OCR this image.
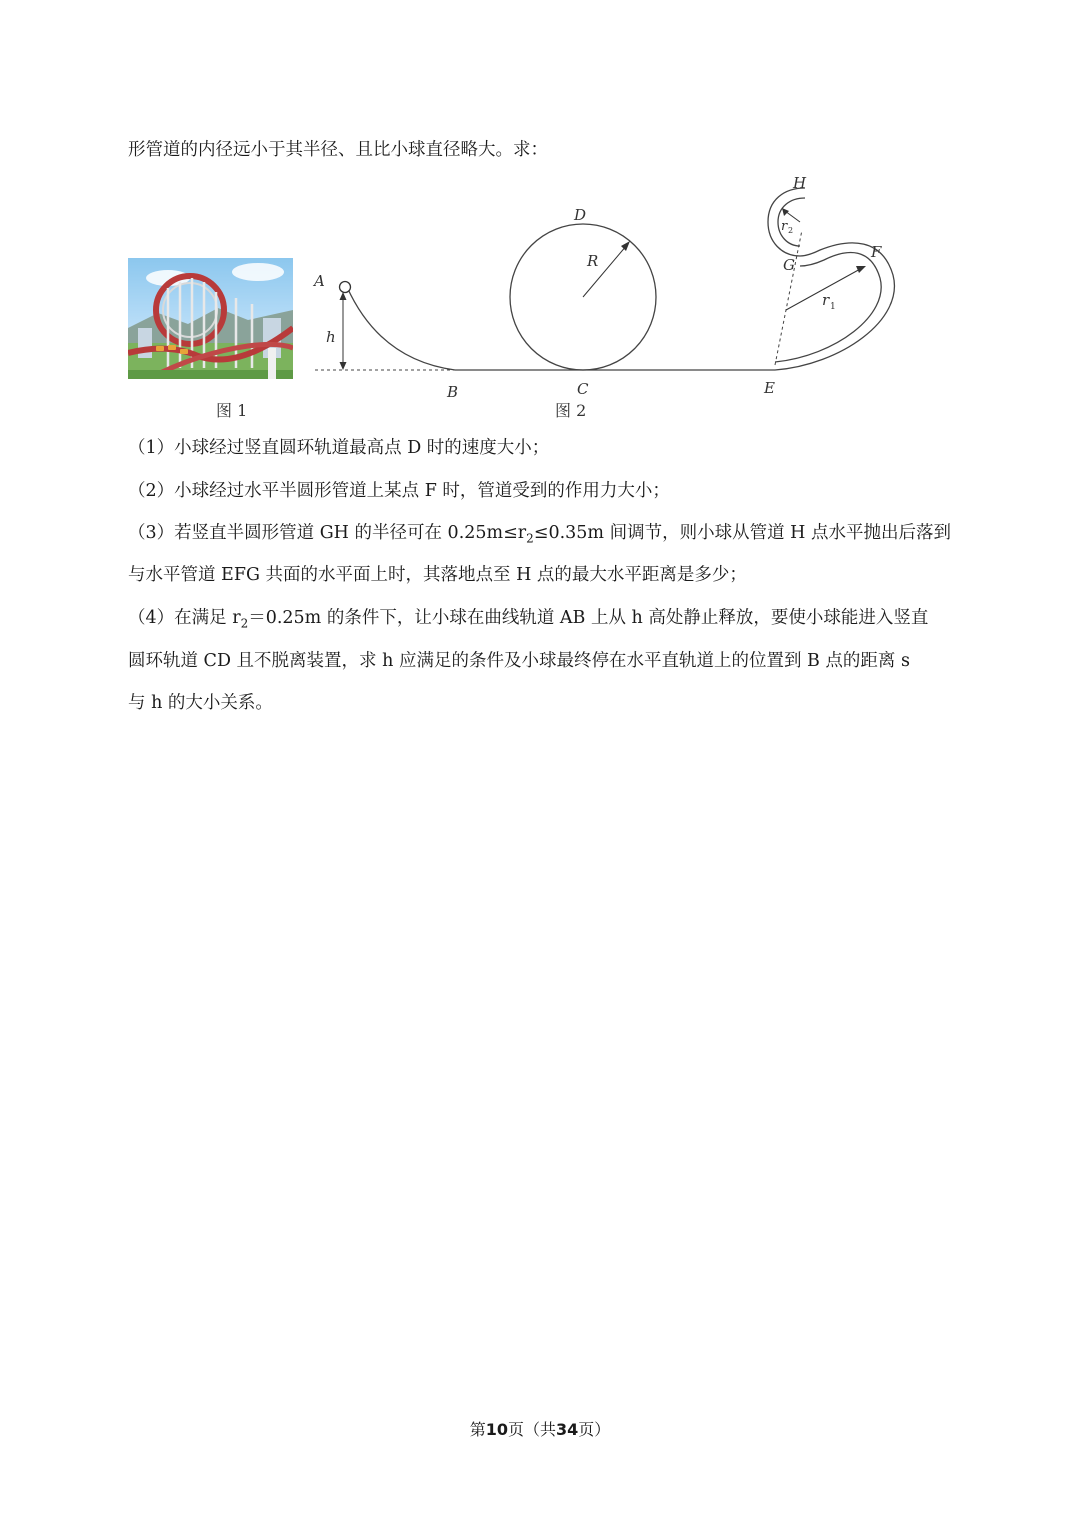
形管道的内径远小于其半径、且比小球直径略大。求：
图 1	图 2
A
B	C
D
E
F
G
H
h
R
r 1
r 2
（1）小球经过竖直圆环轨道最高点 D 时的速度大小；
（2）小球经过水平半圆形管道上某点 F 时，管道受到的作用力大小；
（3）若竖直半圆形管道 GH 的半径可在 $0.25m\le r_2\le 0.35m$ 间调节，则小球从管道 H 点水平抛出后落到
与水平管道 EFG 共面的水平面上时，其落地点至 H 点的最大水平距离是多少；
（4）在满足 $r_2=0.25m$ 的条件下，让小球在曲线轨道 AB 上从 h 高处静止释放，要使小球能进入竖直
圆环轨道 CD 且不脱离装置，求 h 应满足的条件及小球最终停在水平直轨道上的位置到 B 点的距离 s
与 h 的大小关系。
第10页（共34页）
